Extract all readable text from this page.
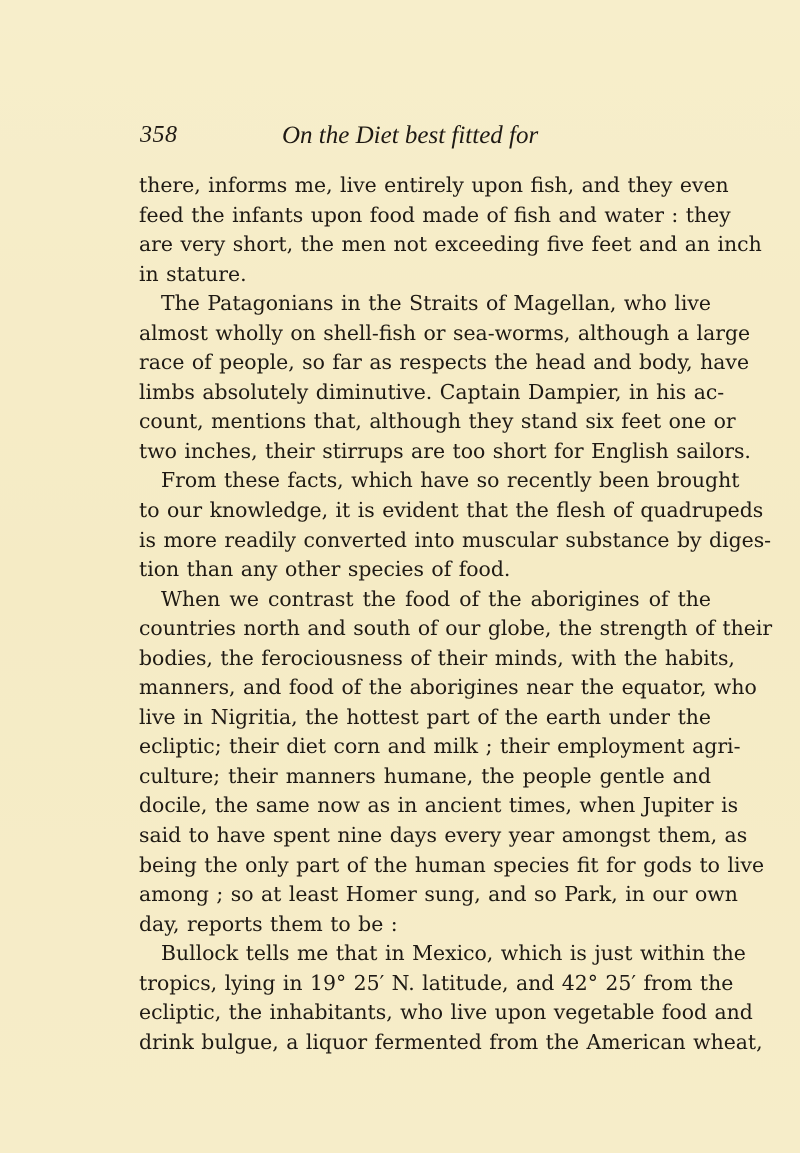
358	On the Diet best fitted for
there, informs me, live entirely upon fish, and they even
feed the infants upon food made of fish and water : they
are very short, the men not exceeding five feet and an inch
in stature.
The Patagonians in the Straits of Magellan, who live
almost wholly on shell-fish or sea-worms, although a large
race of people, so far as respects the head and body, have
limbs absolutely diminutive. Captain Dampier, in his ac-
count, mentions that, although they stand six feet one or
two inches, their stirrups are too short for English sailors.
From these facts, which have so recently been brought
to our knowledge, it is evident that the flesh of quadrupeds
is more readily converted into muscular substance by diges-
tion than any other species of food.
When we contrast the food of the aborigines of the
countries north and south of our globe, the strength of their
bodies, the ferociousness of their minds, with the habits,
manners, and food of the aborigines near the equator, who
live in Nigritia, the hottest part of the earth under the
ecliptic; their diet corn and milk ; their employment agri-
culture; their manners humane, the people gentle and
docile, the same now as in ancient times, when Jupiter is
said to have spent nine days every year amongst them, as
being the only part of the human species fit for gods to live
among ; so at least Homer sung, and so Park, in our own
day, reports them to be :
Bullock tells me that in Mexico, which is just within the
tropics, lying in 19° 25′ N. latitude, and 42° 25′ from the
ecliptic, the inhabitants, who live upon vegetable food and
drink bulgue, a liquor fermented from the American wheat,
